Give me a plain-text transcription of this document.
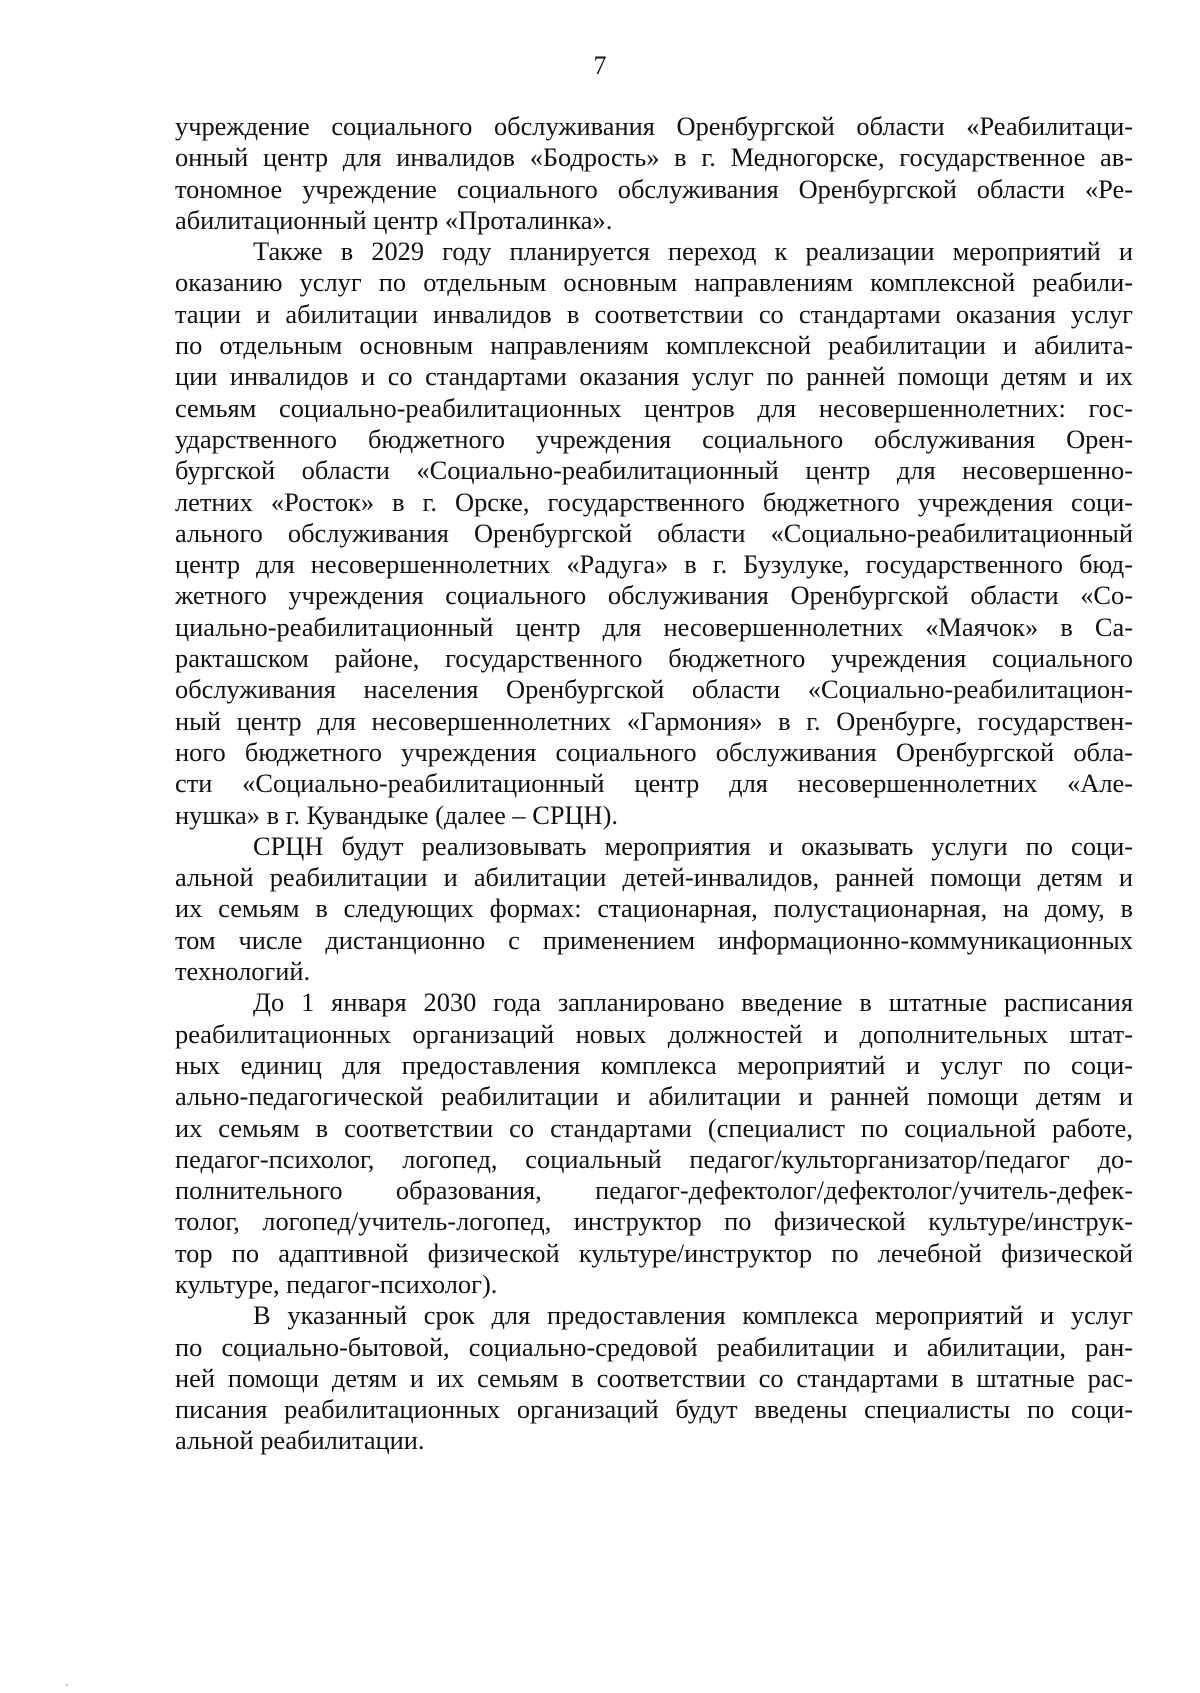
7
учреждение социального обслуживания Оренбургской области «Реабилитаци-
онный центр для инвалидов «Бодрость» в г. Медногорске, государственное ав-
тономное учреждение социального обслуживания Оренбургской области «Ре-
абилитационный центр «Проталинка».
Также в 2029 году планируется переход к реализации мероприятий и
оказанию услуг по отдельным основным направлениям комплексной реабили-
тации и абилитации инвалидов в соответствии со стандартами оказания услуг
по отдельным основным направлениям комплексной реабилитации и абилита-
ции инвалидов и со стандартами оказания услуг по ранней помощи детям и их
семьям социально-реабилитационных центров для несовершеннолетних: гос-
ударственного бюджетного учреждения социального обслуживания Орен-
бургской области «Социально-реабилитационный центр для несовершенно-
летних «Росток» в г. Орске, государственного бюджетного учреждения соци-
ального обслуживания Оренбургской области «Социально-реабилитационный
центр для несовершеннолетних «Радуга» в г. Бузулуке, государственного бюд-
жетного учреждения социального обслуживания Оренбургской области «Со-
циально-реабилитационный центр для несовершеннолетних «Маячок» в Са-
ракташском районе, государственного бюджетного учреждения социального
обслуживания населения Оренбургской области «Социально-реабилитацион-
ный центр для несовершеннолетних «Гармония» в г. Оренбурге, государствен-
ного бюджетного учреждения социального обслуживания Оренбургской обла-
сти «Социально-реабилитационный центр для несовершеннолетних «Але-
нушка» в г. Кувандыке (далее – СРЦН).
СРЦН будут реализовывать мероприятия и оказывать услуги по соци-
альной реабилитации и абилитации детей-инвалидов, ранней помощи детям и
их семьям в следующих формах: стационарная, полустационарная, на дому, в
том числе дистанционно с применением информационно-коммуникационных
технологий.
До 1 января 2030 года запланировано введение в штатные расписания
реабилитационных организаций новых должностей и дополнительных штат-
ных единиц для предоставления комплекса мероприятий и услуг по соци-
ально-педагогической реабилитации и абилитации и ранней помощи детям и
их семьям в соответствии со стандартами (специалист по социальной работе,
педагог-психолог, логопед, социальный педагог/культорганизатор/педагог до-
полнительного образования, педагог-дефектолог/дефектолог/учитель-дефек-
толог, логопед/учитель-логопед, инструктор по физической культуре/инструк-
тор по адаптивной физической культуре/инструктор по лечебной физической
культуре, педагог-психолог).
В указанный срок для предоставления комплекса мероприятий и услуг
по социально-бытовой, социально-средовой реабилитации и абилитации, ран-
ней помощи детям и их семьям в соответствии со стандартами в штатные рас-
писания реабилитационных организаций будут введены специалисты по соци-
альной реабилитации.
